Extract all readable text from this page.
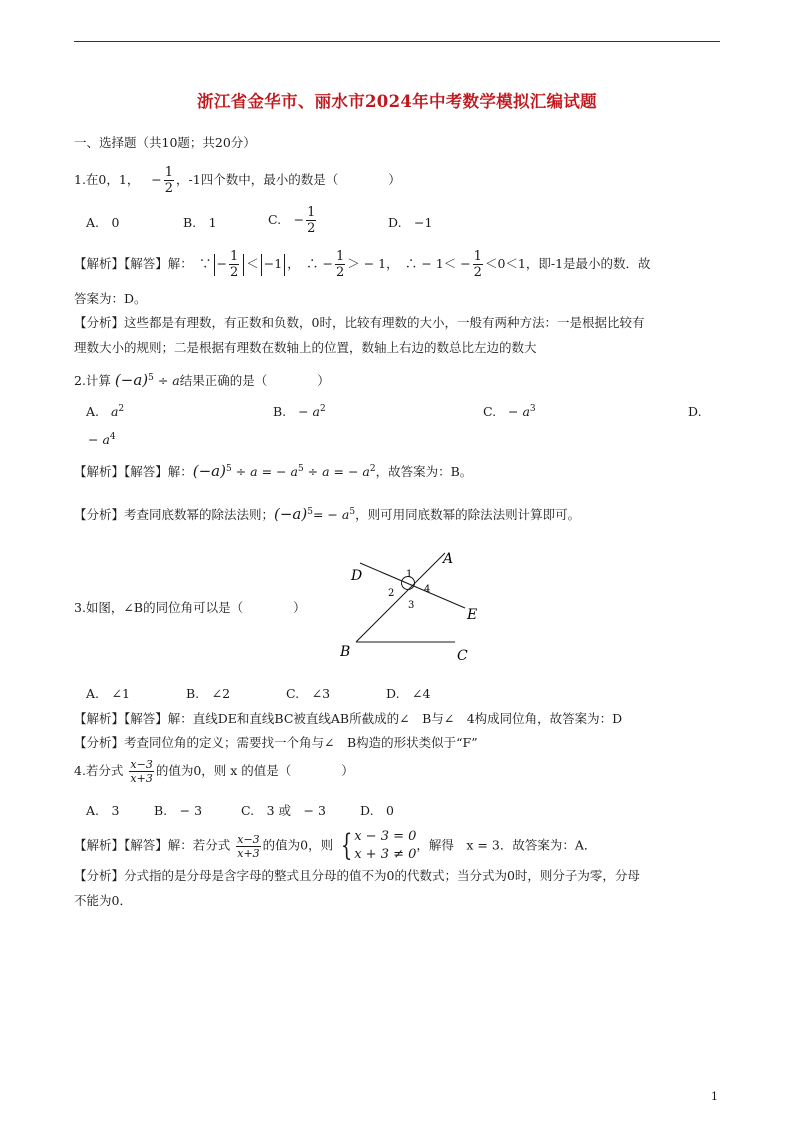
浙江省金华市、丽水市2024年中考数学模拟汇编试题
一、选择题（共10题；共20分）
1.在0，1， − $\frac{1}{2}$ ，-1四个数中，最小的数是（　　　　）
A.　0	B.　1	C.　− $\frac{1}{2}$	D.　−1
【解析】【解答】解：　∵ − $\frac{1}{2} < -1$ ，　∴ − $\frac{1}{2}$ ＞ − 1，　∴ − $1< - \frac{1}{2} <0<1$，即-1是最小的数．故
答案为：D。
【分析】这些都是有理数，有正数和负数，0时，比较有理数的大小，一般有两种方法：一是根据比较有
理数大小的规则；二是根据有理数在数轴上的位置，数轴上右边的数总比左边的数大
2.计算 $(-a)^5 \div a$结果正确的是（　　　　）
A. $a^2$	B. − $a^2$	C. − $a^3$	D.
− $a^4$
【解析】【解答】解：$(-a)^5 \div a$ = − $a^5 \div a$ = − $a^2$，故答案为：B。
【分析】考查同底数幂的除法法则；$(-a)^5= - a^5$，则可用同底数幂的除法法则计算即可。
3.如图，∠B的同位角可以是（　　　　）
A
D
E
B	C
1
2
3
4
A.　∠1	B.　∠2	C.　∠3	D.　∠4
【解析】【解答】解：直线DE和直线BC被直线AB所截成的∠　B与∠　4构成同位角，故答案为：D
【分析】考查同位角的定义；需要找一个角与∠　B构造的形状类似于“F”
4.若分式 $\frac{x-3}{x+3}$ 的值为0，则 x 的值是（　　　　）
A.　3	B.　− 3	C.　3 或　− 3	D.　0
【解析】【解答】解：若分式 $\frac{x-3}{x+3}$ 的值为0，则 { x − 3 = 0
x + 3 ≠ 0
，解得　x = 3．故答案为：A．
【分析】分式指的是分母是含字母的整式且分母的值不为0的代数式；当分式为0时，则分子为零，分母
不能为0．
1
